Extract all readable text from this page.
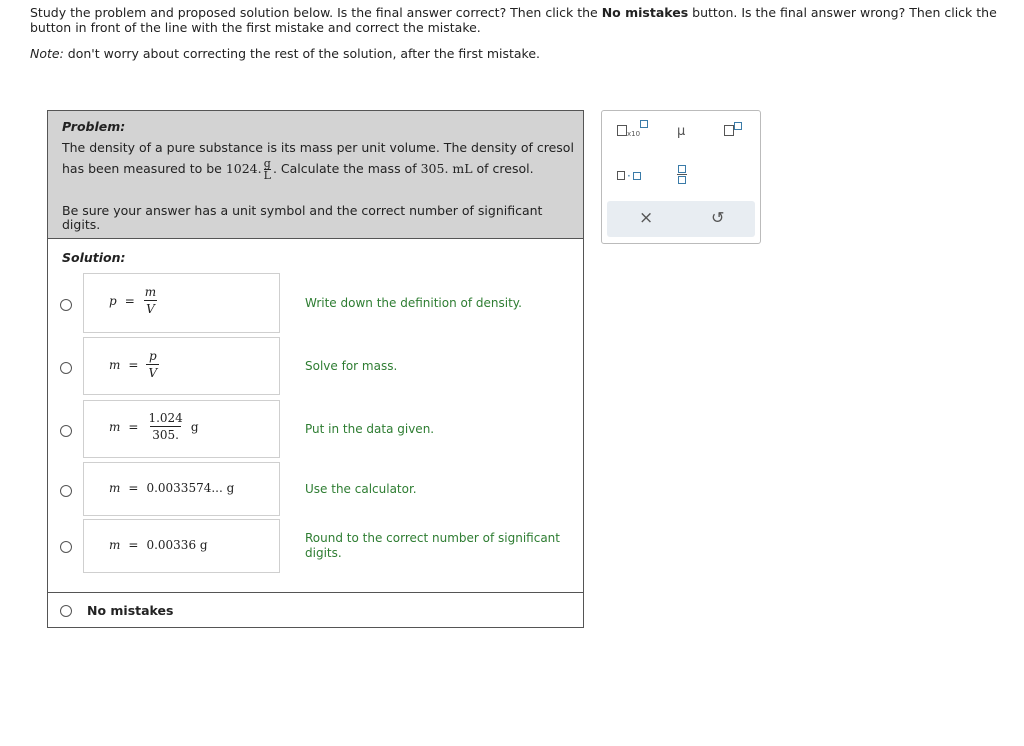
Study the problem and proposed solution below. Is the final answer correct? Then click the No mistakes button. Is the final answer wrong? Then click the button in front of the line with the first mistake and correct the mistake.
Note: don't worry about correcting the rest of the solution, after the first mistake.
Problem:
The density of a pure substance is its mass per unit volume. The density of cresol
has been measured to be 1024. $\frac{g}{L}$ . Calculate the mass of 305. mL of cresol.
Be sure your answer has a unit symbol and the correct number of significant digits.
Solution:
$p = \frac{m}{V}$	Write down the definition of density.
$m = \frac{p}{V}$	Solve for mass.
$m = \frac{1.024}{305.}$ g	Put in the data given.
m = 0.0033574... g	Use the calculator.
m = 0.00336 g	Round to the correct number of significant digits.
No mistakes
x10	μ
·
×	↺
